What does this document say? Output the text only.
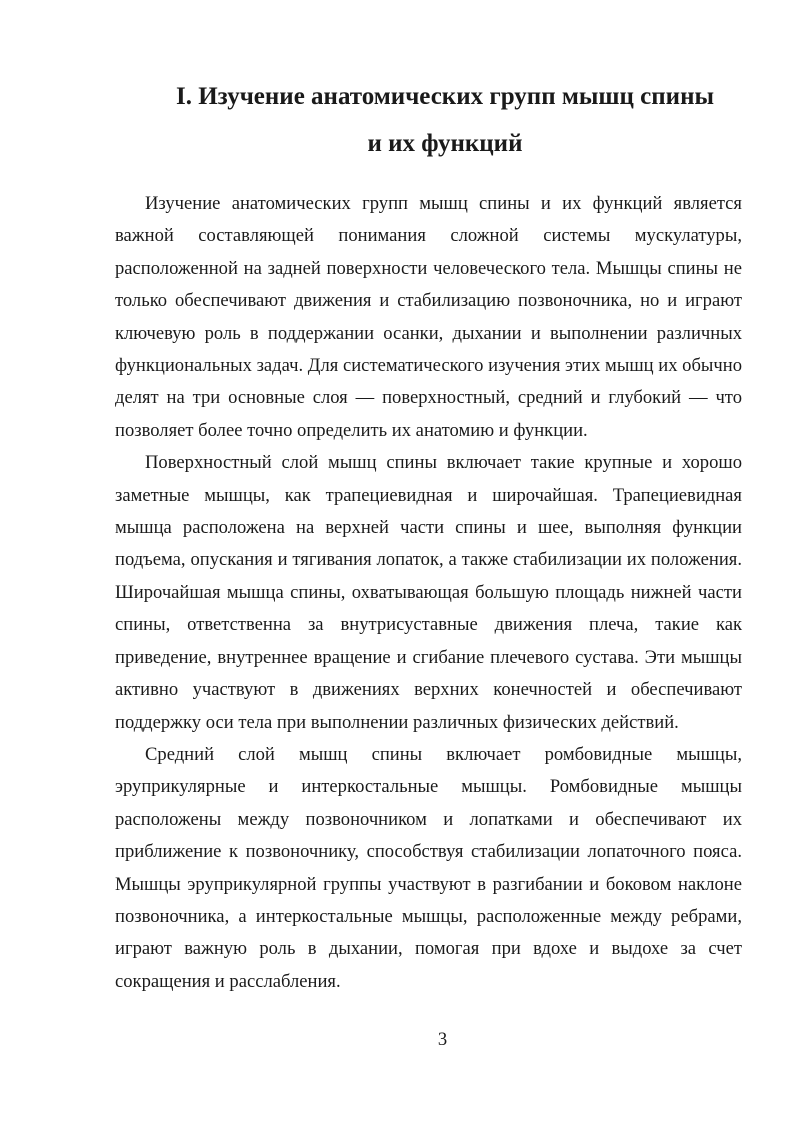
I. Изучение анатомических групп мышц спины
и их функций

Изучение анатомических групп мышц спины и их функций является важной составляющей понимания сложной системы мускулатуры, расположенной на задней поверхности человеческого тела. Мышцы спины не только обеспечивают движения и стабилизацию позвоночника, но и играют ключевую роль в поддержании осанки, дыхании и выполнении различных функциональных задач. Для систематического изучения этих мышц их обычно делят на три основные слоя — поверхностный, средний и глубокий — что позволяет более точно определить их анатомию и функции.

Поверхностный слой мышц спины включает такие крупные и хорошо заметные мышцы, как трапециевидная и широчайшая. Трапециевидная мышца расположена на верхней части спины и шее, выполняя функции подъема, опускания и тягивания лопаток, а также стабилизации их положения. Широчайшая мышца спины, охватывающая большую площадь нижней части спины, ответственна за внутрисуставные движения плеча, такие как приведение, внутреннее вращение и сгибание плечевого сустава. Эти мышцы активно участвуют в движениях верхних конечностей и обеспечивают поддержку оси тела при выполнении различных физических действий.

Средний слой мышц спины включает ромбовидные мышцы, эруприкулярные и интеркостальные мышцы. Ромбовидные мышцы расположены между позвоночником и лопатками и обеспечивают их приближение к позвоночнику, способствуя стабилизации лопаточного пояса. Мышцы эруприкулярной группы участвуют в разгибании и боковом наклоне позвоночника, а интеркостальные мышцы, расположенные между ребрами, играют важную роль в дыхании, помогая при вдохе и выдохе за счет сокращения и расслабления.

3
